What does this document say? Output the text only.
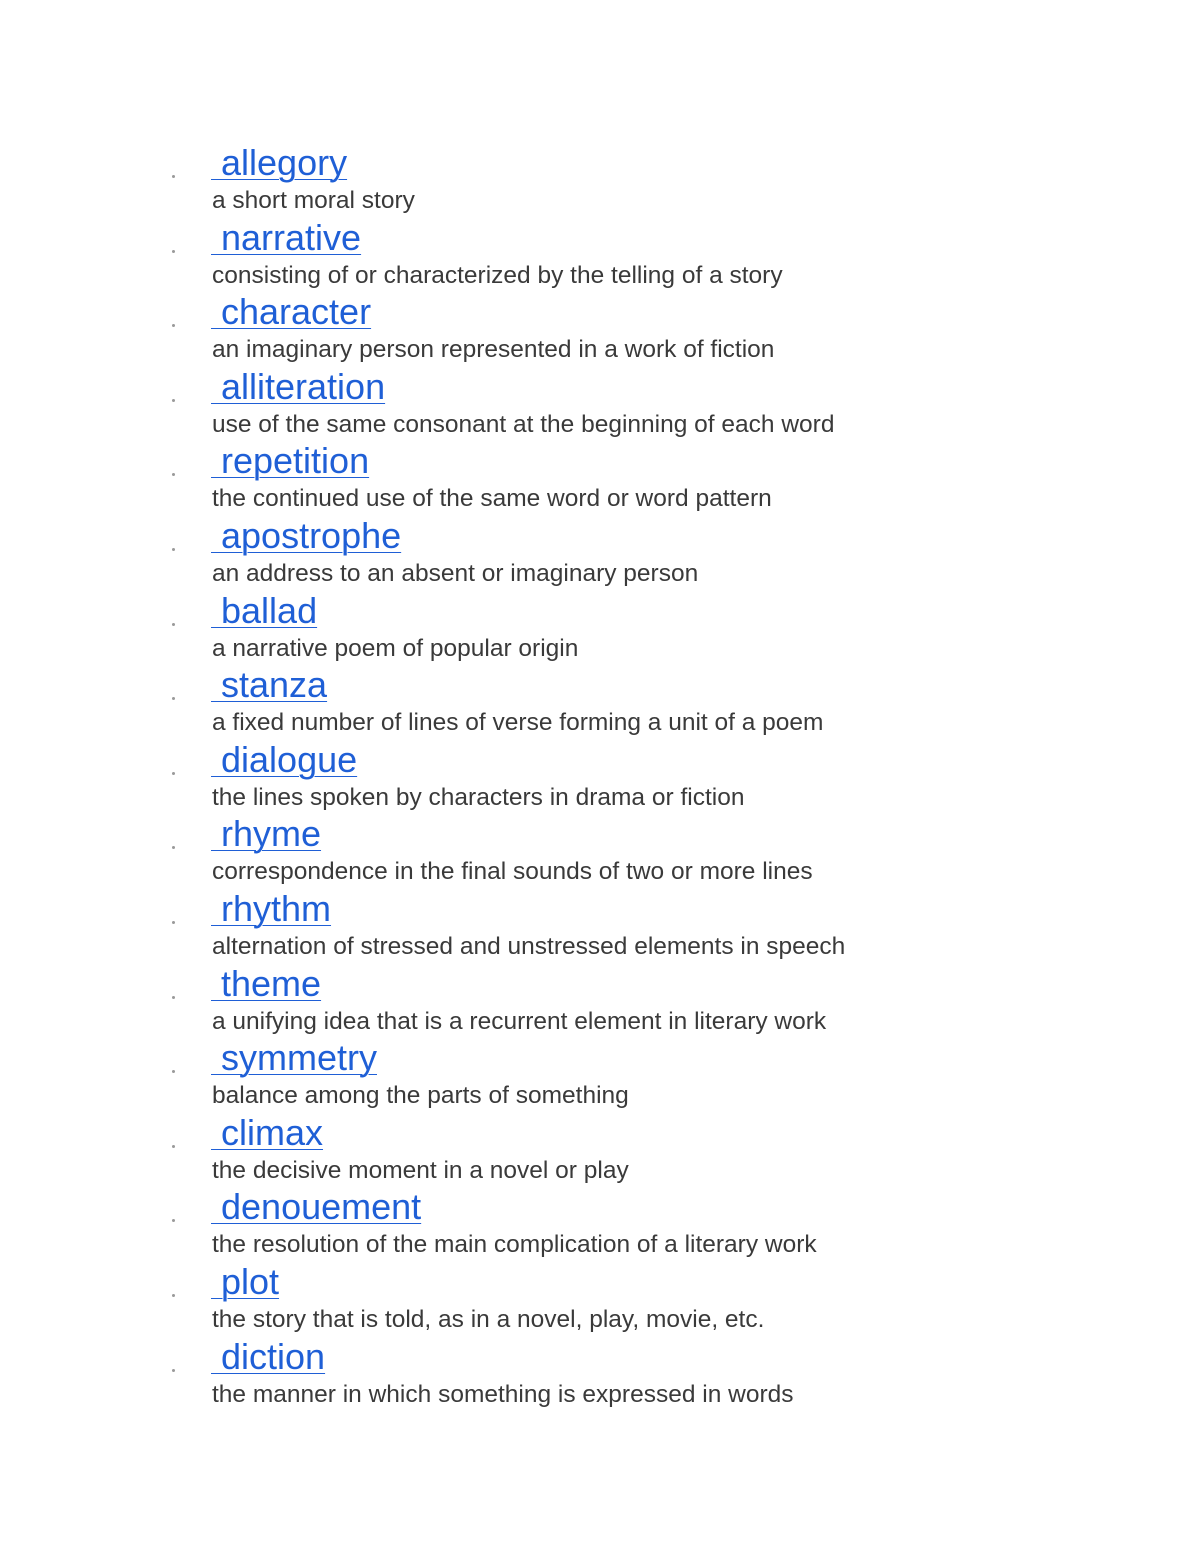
allegory
a short moral story
narrative
consisting of or characterized by the telling of a story
character
an imaginary person represented in a work of fiction
alliteration
use of the same consonant at the beginning of each word
repetition
the continued use of the same word or word pattern
apostrophe
an address to an absent or imaginary person
ballad
a narrative poem of popular origin
stanza
a fixed number of lines of verse forming a unit of a poem
dialogue
the lines spoken by characters in drama or fiction
rhyme
correspondence in the final sounds of two or more lines
rhythm
alternation of stressed and unstressed elements in speech
theme
a unifying idea that is a recurrent element in literary work
symmetry
balance among the parts of something
climax
the decisive moment in a novel or play
denouement
the resolution of the main complication of a literary work
plot
the story that is told, as in a novel, play, movie, etc.
diction
the manner in which something is expressed in words
